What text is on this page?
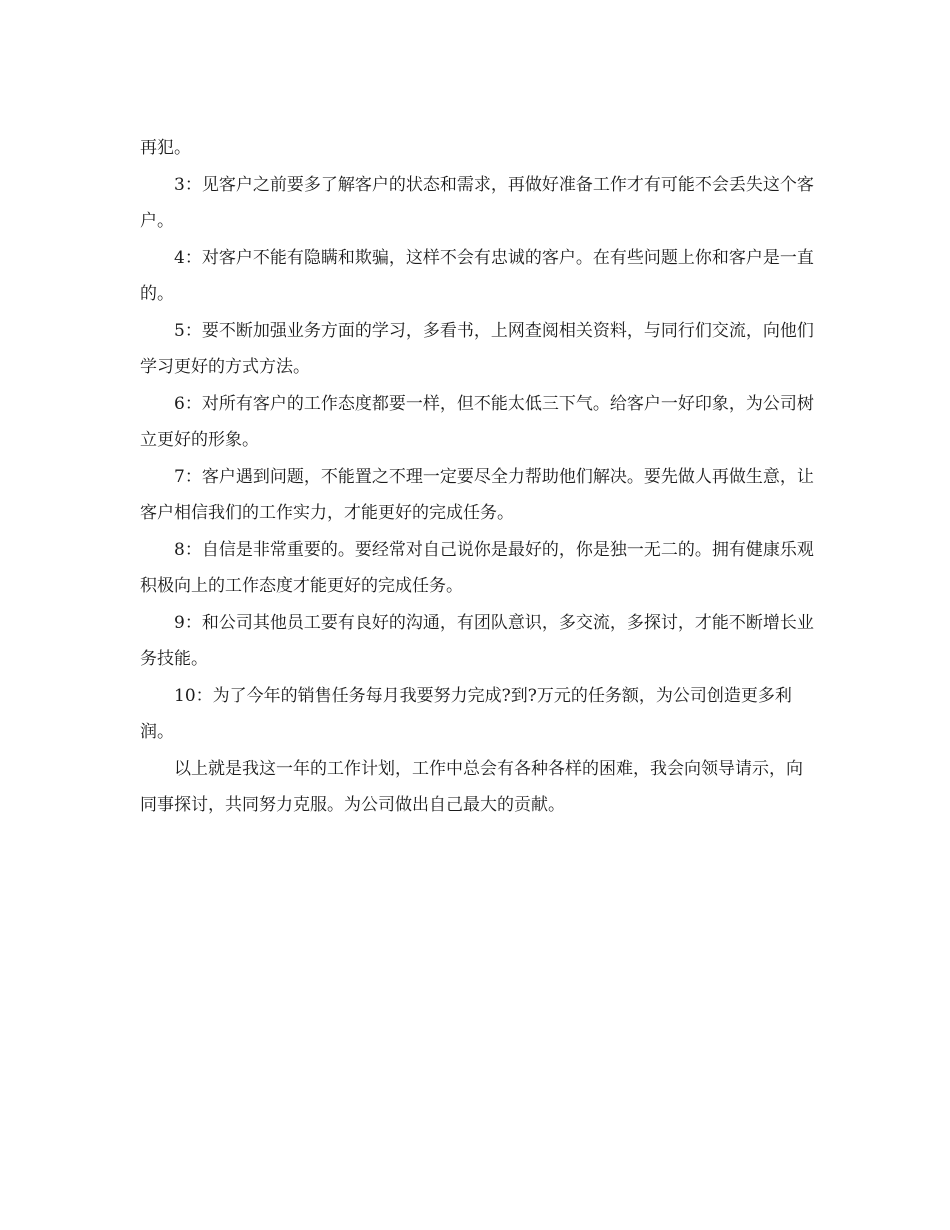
再犯。

3：见客户之前要多了解客户的状态和需求，再做好准备工作才有可能不会丢失这个客户。

4：对客户不能有隐瞒和欺骗，这样不会有忠诚的客户。在有些问题上你和客户是一直的。

5：要不断加强业务方面的学习，多看书，上网查阅相关资料，与同行们交流，向他们学习更好的方式方法。

6：对所有客户的工作态度都要一样，但不能太低三下气。给客户一好印象，为公司树立更好的形象。

7：客户遇到问题，不能置之不理一定要尽全力帮助他们解决。要先做人再做生意，让客户相信我们的工作实力，才能更好的完成任务。

8：自信是非常重要的。要经常对自己说你是最好的，你是独一无二的。拥有健康乐观积极向上的工作态度才能更好的完成任务。

9：和公司其他员工要有良好的沟通，有团队意识，多交流，多探讨，才能不断增长业务技能。

10：为了今年的销售任务每月我要努力完成?到?万元的任务额，为公司创造更多利润。

以上就是我这一年的工作计划，工作中总会有各种各样的困难，我会向领导请示，向同事探讨，共同努力克服。为公司做出自己最大的贡献。
